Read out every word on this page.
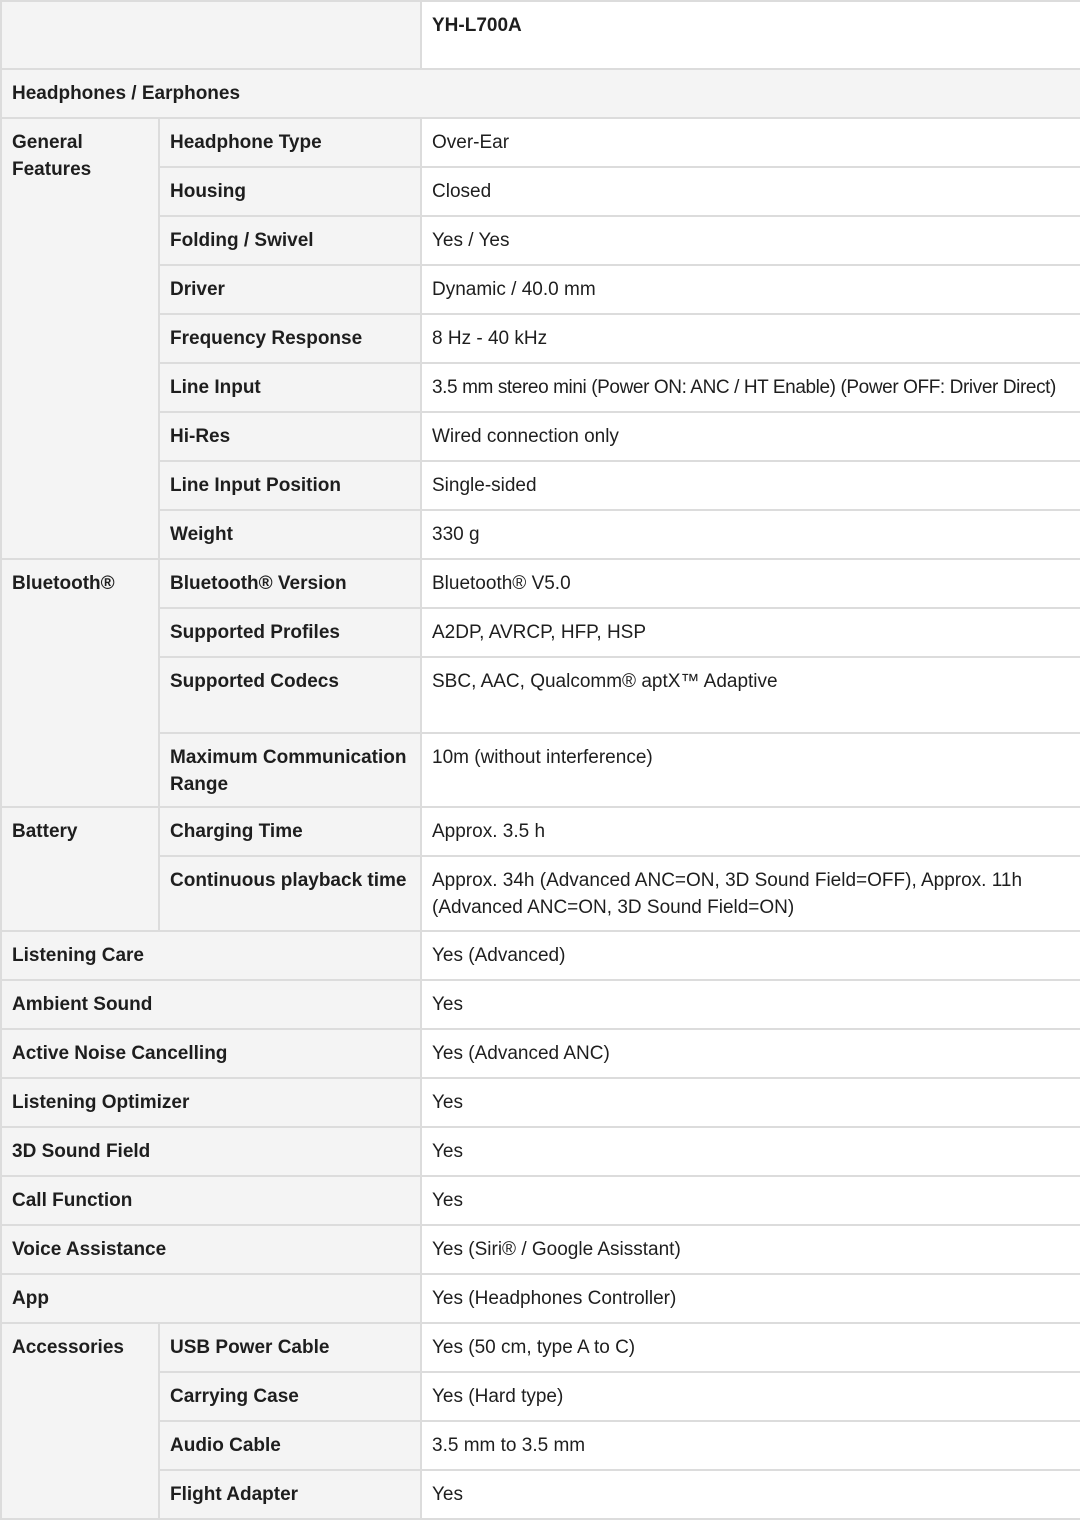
		YH-L700A
Headphones / Earphones		
General Features	Headphone Type	Over-Ear
	Housing	Closed
	Folding / Swivel	Yes / Yes
	Driver	Dynamic / 40.0 mm
	Frequency Response	8 Hz - 40 kHz
	Line Input	3.5 mm stereo mini (Power ON: ANC / HT Enable) (Power OFF: Driver Direct)
	Hi-Res	Wired connection only
	Line Input Position	Single-sided
	Weight	330 g
Bluetooth®	Bluetooth® Version	Bluetooth® V5.0
	Supported Profiles	A2DP, AVRCP, HFP, HSP
	Supported Codecs	SBC, AAC, Qualcomm® aptX™ Adaptive
	Maximum Communication Range	10m (without interference)
Battery	Charging Time	Approx. 3.5 h
	Continuous playback time	Approx. 34h (Advanced ANC=ON, 3D Sound Field=OFF), Approx. 11h (Advanced ANC=ON, 3D Sound Field=ON)
Listening Care		Yes (Advanced)
Ambient Sound		Yes
Active Noise Cancelling		Yes (Advanced ANC)
Listening Optimizer		Yes
3D Sound Field		Yes
Call Function		Yes
Voice Assistance		Yes (Siri® / Google Asisstant)
App		Yes (Headphones Controller)
Accessories	USB Power Cable	Yes (50 cm, type A to C)
	Carrying Case	Yes (Hard type)
	Audio Cable	3.5 mm to 3.5 mm
	Flight Adapter	Yes
